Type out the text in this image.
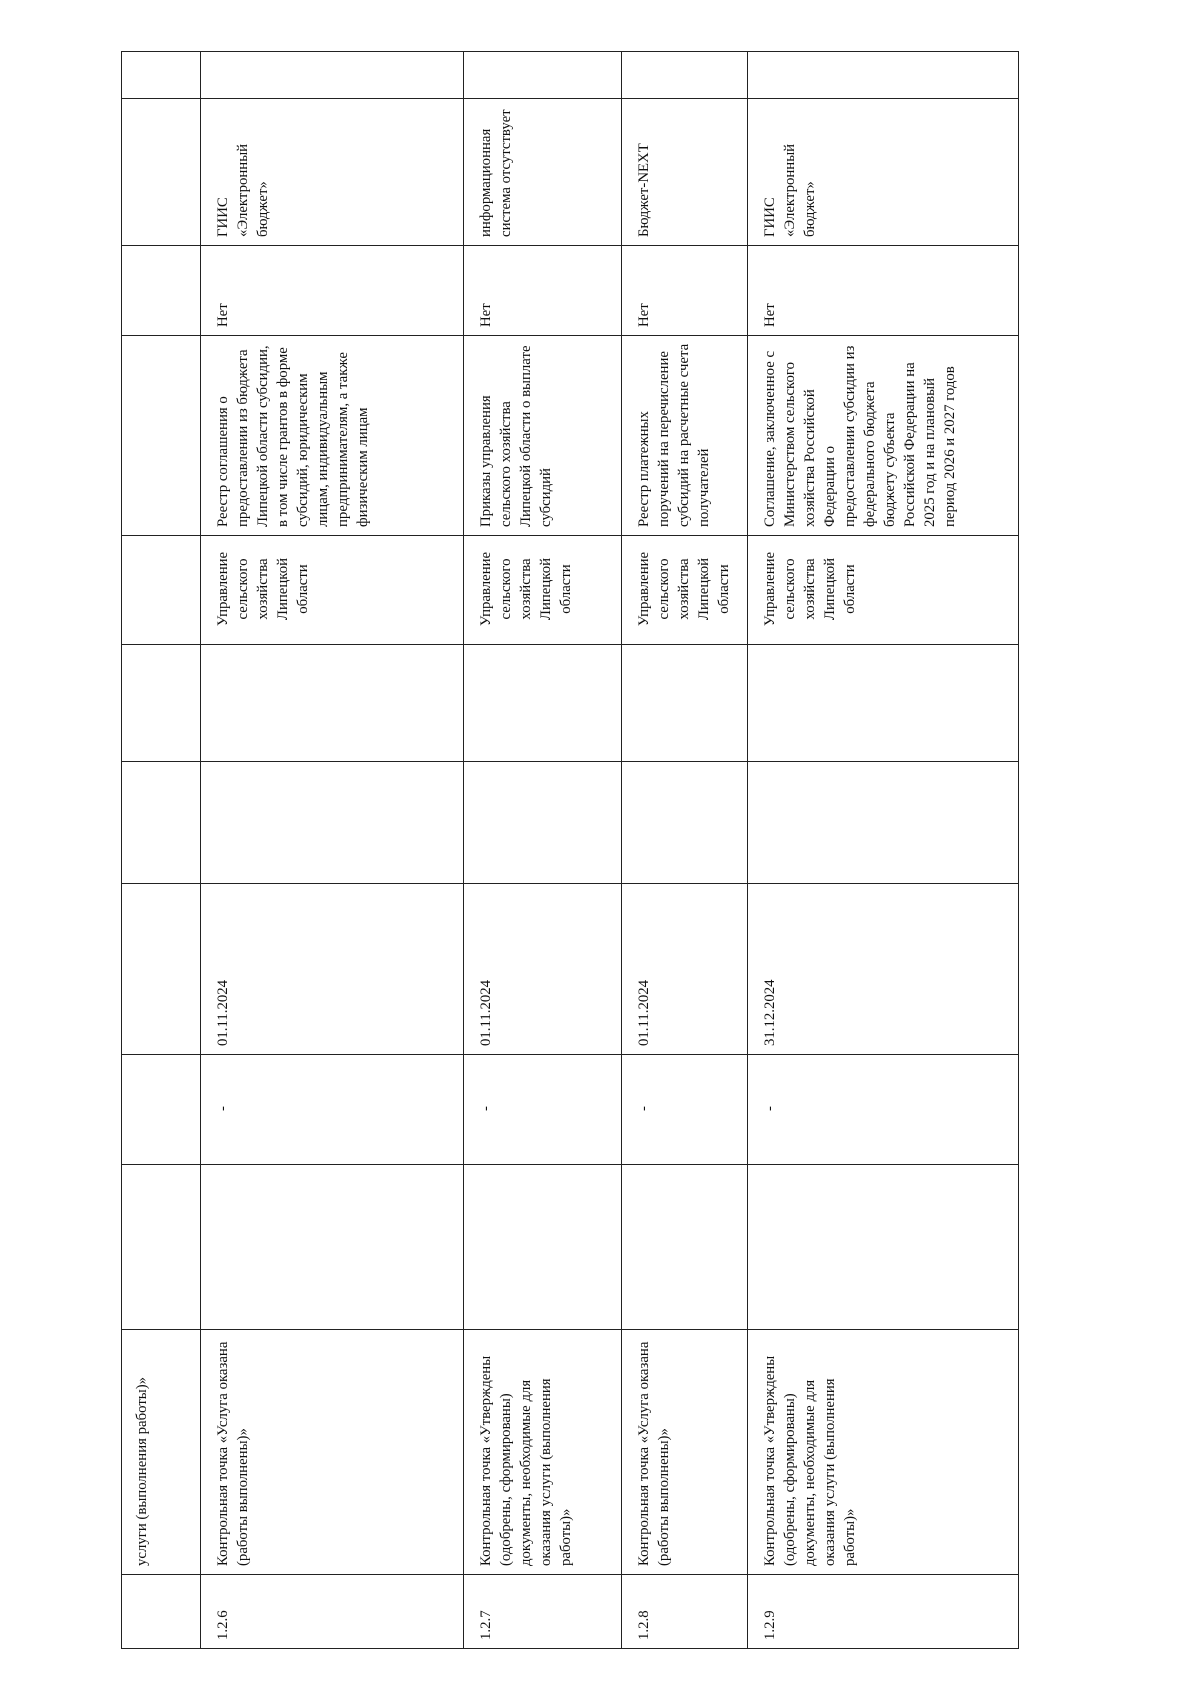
	услуги (выполнения работы)»										
1.2.6	Контрольная точка «Услуга оказана (работы выполнены)»		-	01.11.2024			Управление сельского хозяйства Липецкой области	Реестр соглашения о предоставлении из бюджета Липецкой области субсидии, в том числе грантов в форме субсидий, юридическим лицам, индивидуальным предпринимателям, а также физическим лицам	Нет	ГИИС «Электронный бюджет»	
1.2.7	Контрольная точка «Утверждены (одобрены, сформированы) документы, необходимые для оказания услуги (выполнения работы)»		-	01.11.2024			Управление сельского хозяйства Липецкой области	Приказы управления сельского хозяйства Липецкой области о выплате субсидий	Нет	информационная система отсутствует	
1.2.8	Контрольная точка «Услуга оказана (работы выполнены)»		-	01.11.2024			Управление сельского хозяйства Липецкой области	Реестр платежных поручений на перечисление субсидий на расчетные счета получателей	Нет	Бюджет-NEXT	
1.2.9	Контрольная точка «Утверждены (одобрены, сформированы) документы, необходимые для оказания услуги (выполнения работы)»		-	31.12.2024			Управление сельского хозяйства Липецкой области	Соглашение, заключенное с Министерством сельского хозяйства Российской Федерации о предоставлении субсидии из федерального бюджета бюджету субъекта Российской Федерации на 2025 год и на плановый период 2026 и 2027 годов	Нет	ГИИС «Электронный бюджет»	
